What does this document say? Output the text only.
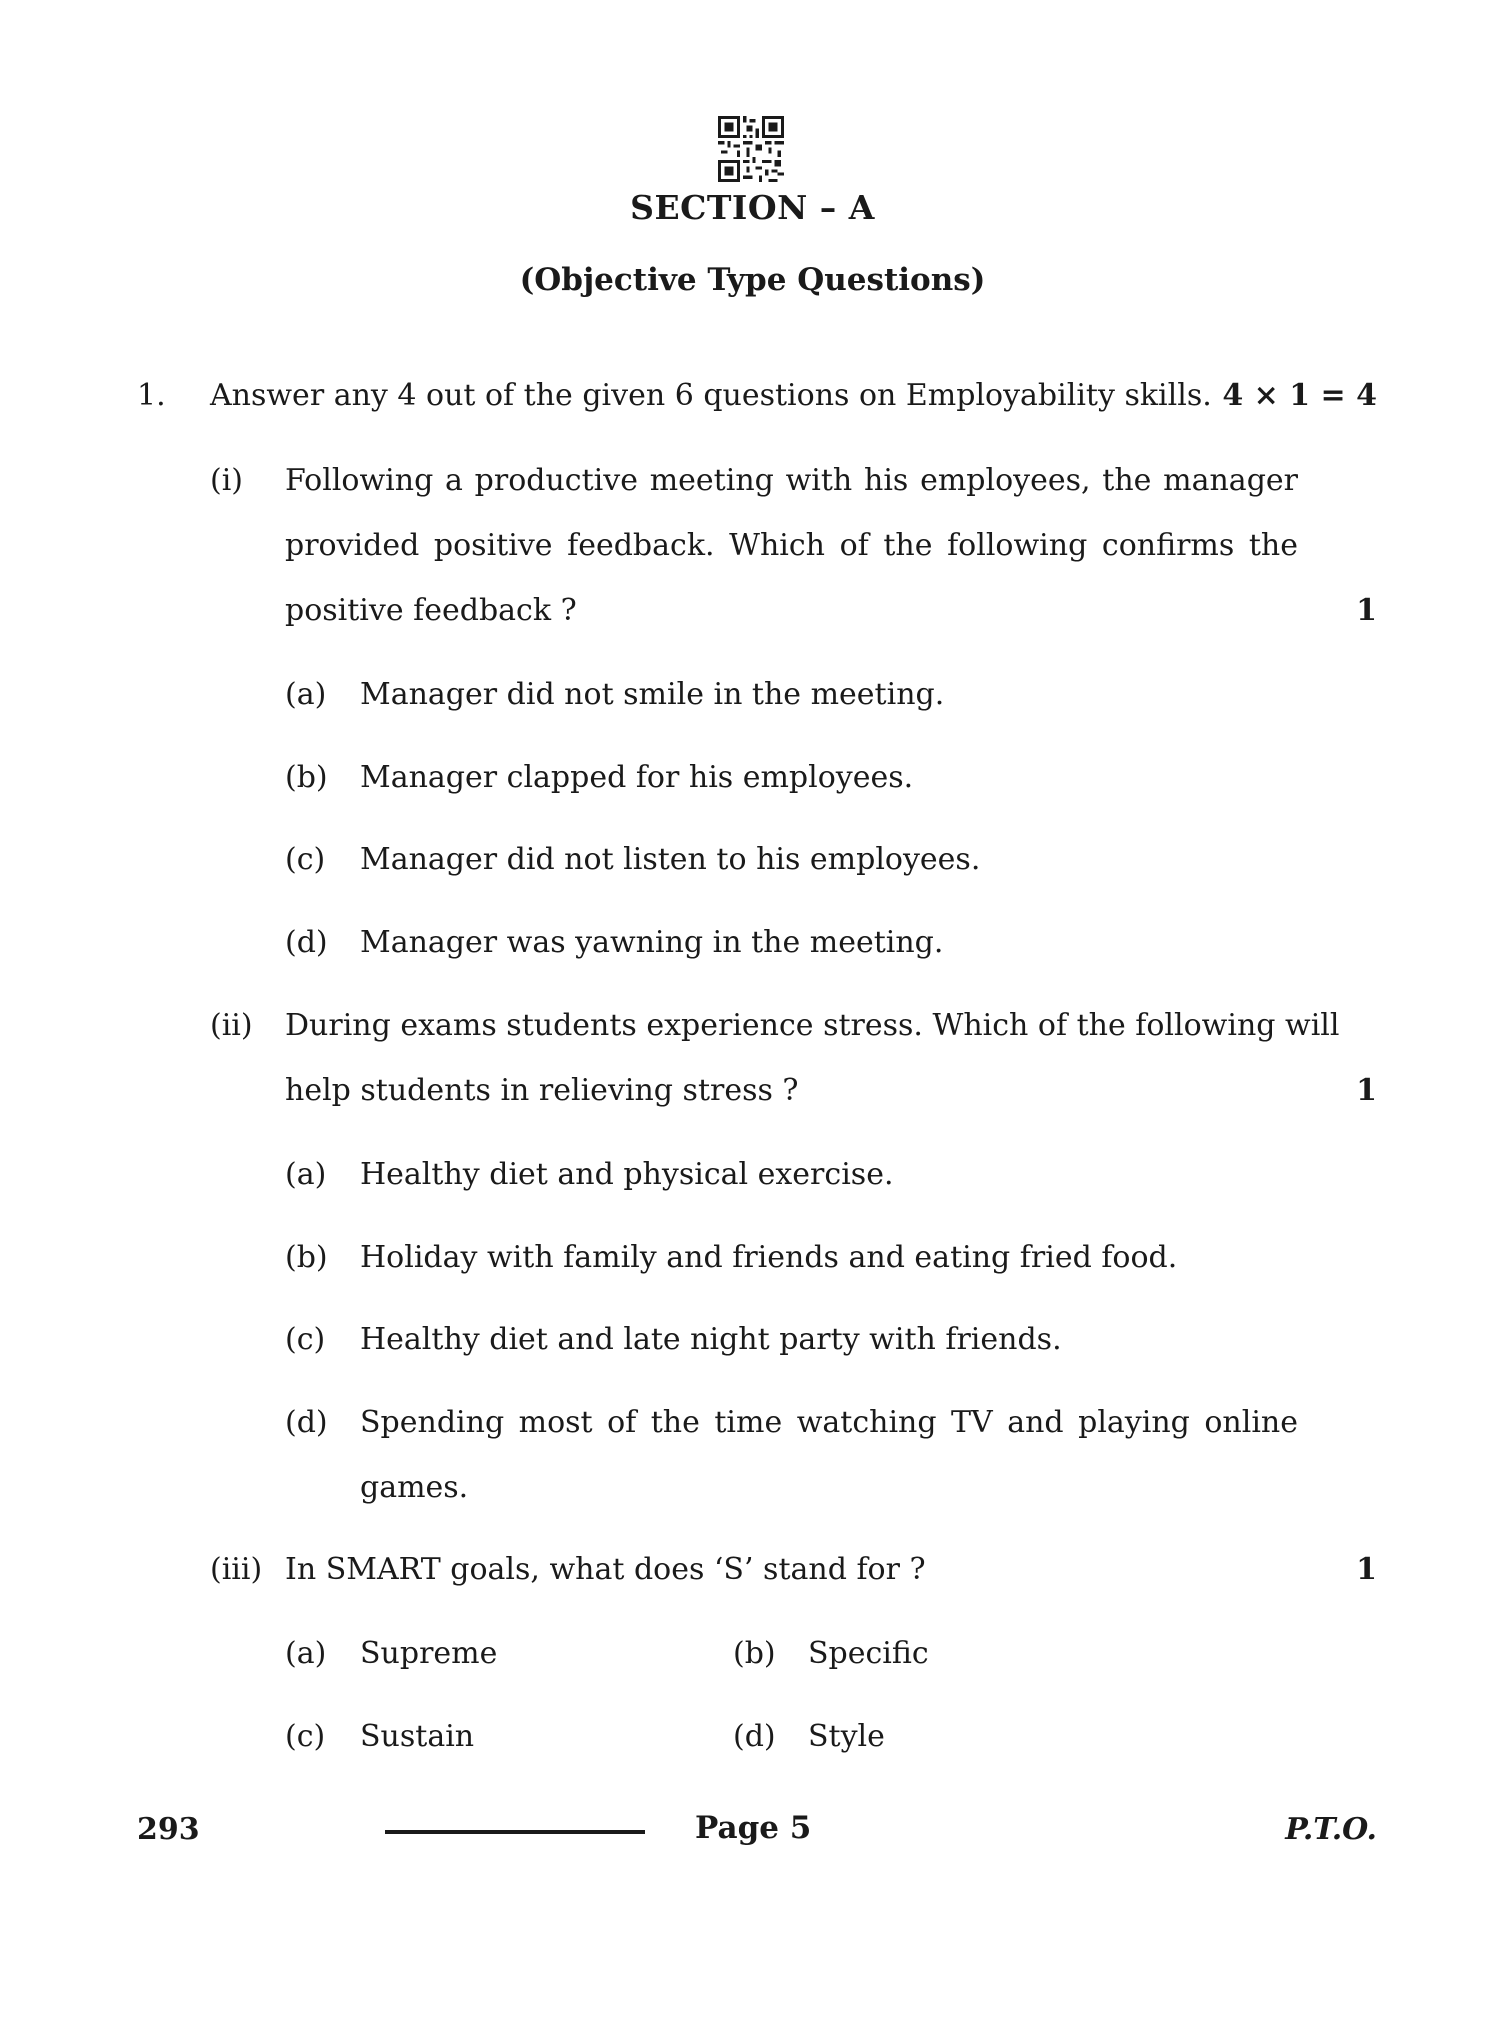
SECTION – A
(Objective Type Questions)
1. Answer any 4 out of the given 6 questions on Employability skills. 4 × 1 = 4
(i) Following a productive meeting with his employees, the manager
provided positive feedback. Which of the following confirms the
positive feedback ?	1
(a) Manager did not smile in the meeting.
(b) Manager clapped for his employees.
(c) Manager did not listen to his employees.
(d) Manager was yawning in the meeting.
(ii) During exams students experience stress. Which of the following will
help students in relieving stress ?	1
(a) Healthy diet and physical exercise.
(b) Holiday with family and friends and eating fried food.
(c) Healthy diet and late night party with friends.
(d) Spending most of the time watching TV and playing online
games.
(iii) In SMART goals, what does ‘S’ stand for ?	1
(a) Supreme	(b) Specific
(c) Sustain	(d) Style
293	Page 5	P.T.O.
